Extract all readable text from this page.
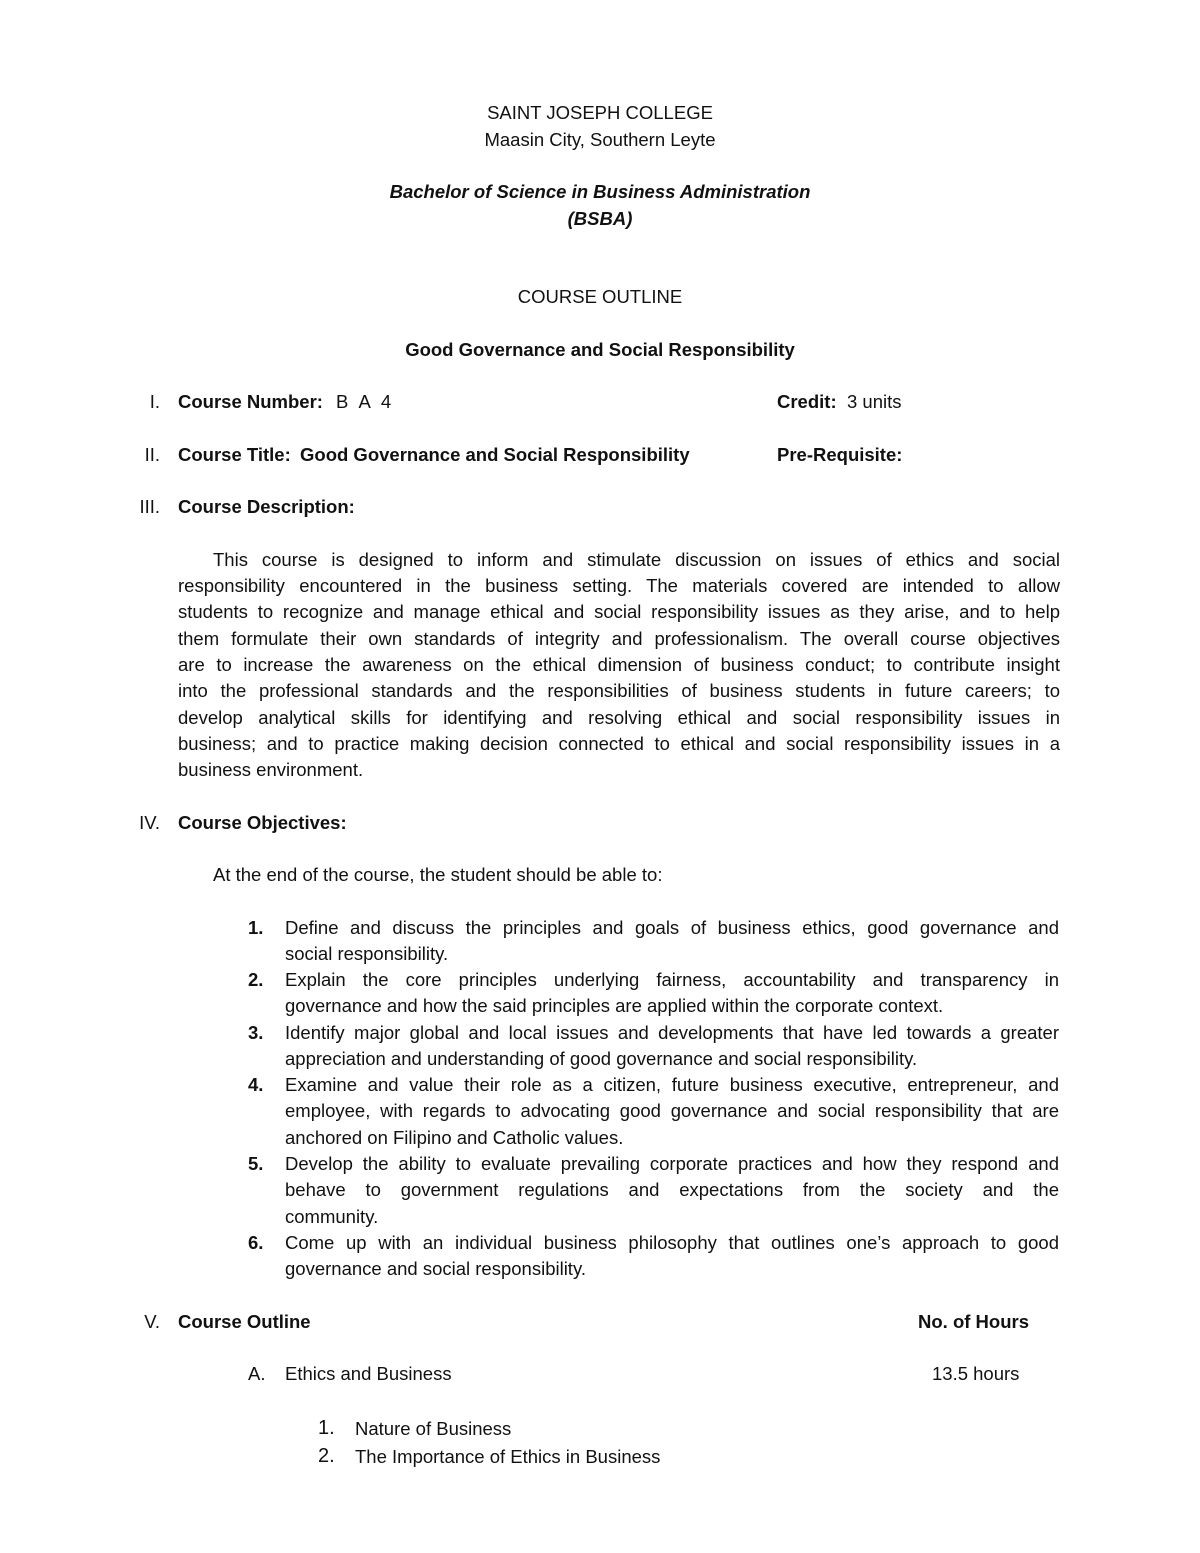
SAINT JOSEPH COLLEGE
Maasin City, Southern Leyte
Bachelor of Science in Business Administration
(BSBA)
COURSE OUTLINE
Good Governance and Social Responsibility
I. Course Number: B A 4	Credit: 3 units
II. Course Title: Good Governance and Social Responsibility	Pre-Requisite:
III. Course Description:
This course is designed to inform and stimulate discussion on issues of ethics and social
responsibility encountered in the business setting. The materials covered are intended to allow
students to recognize and manage ethical and social responsibility issues as they arise, and to help
them formulate their own standards of integrity and professionalism. The overall course objectives
are to increase the awareness on the ethical dimension of business conduct; to contribute insight
into the professional standards and the responsibilities of business students in future careers; to
develop analytical skills for identifying and resolving ethical and social responsibility issues in
business; and to practice making decision connected to ethical and social responsibility issues in a
business environment.
IV. Course Objectives:
At the end of the course, the student should be able to:
1. Define and discuss the principles and goals of business ethics, good governance and
social responsibility.
2. Explain the core principles underlying fairness, accountability and transparency in
governance and how the said principles are applied within the corporate context.
3. Identify major global and local issues and developments that have led towards a greater
appreciation and understanding of good governance and social responsibility.
4. Examine and value their role as a citizen, future business executive, entrepreneur, and
employee, with regards to advocating good governance and social responsibility that are
anchored on Filipino and Catholic values.
5. Develop the ability to evaluate prevailing corporate practices and how they respond and
behave to government regulations and expectations from the society and the
community.
6. Come up with an individual business philosophy that outlines one’s approach to good
governance and social responsibility.
V. Course Outline	No. of Hours
A. Ethics and Business	13.5 hours
1. Nature of Business
2. The Importance of Ethics in Business
